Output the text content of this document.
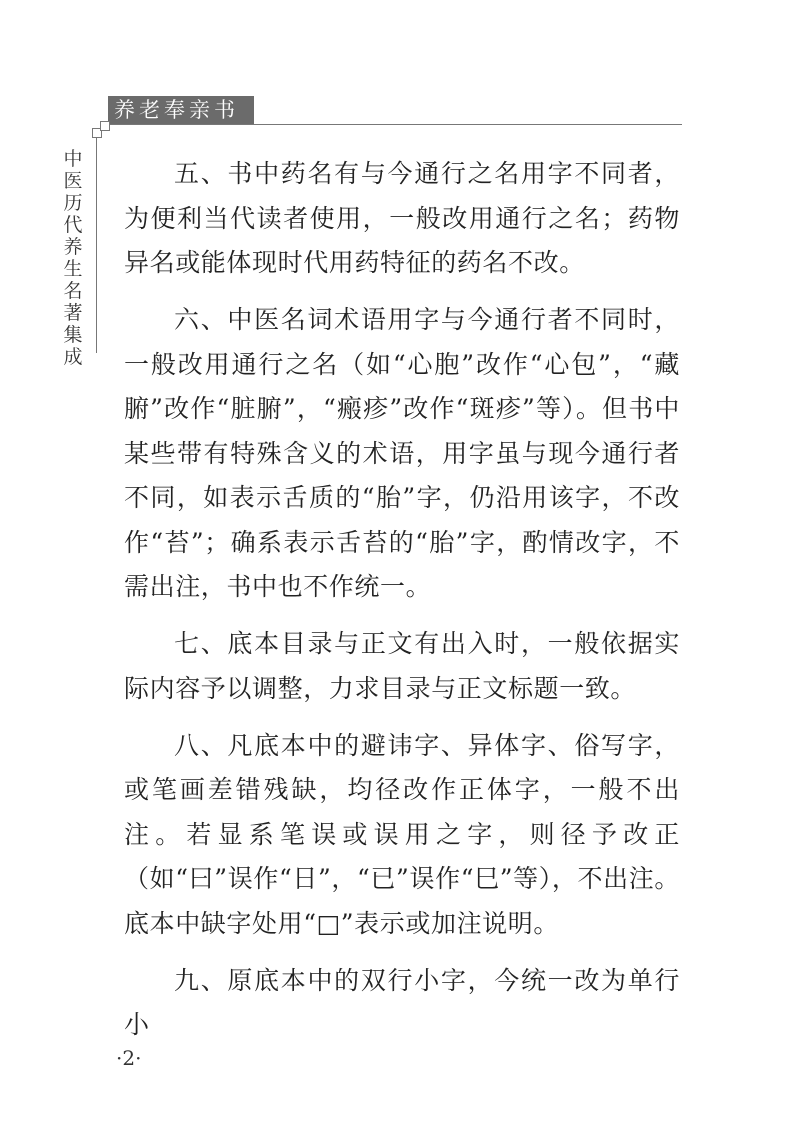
养老奉亲书
中医历代养生名著集成

五、书中药名有与今通行之名用字不同者，为便利当代读者使用，一般改用通行之名；药物异名或能体现时代用药特征的药名不改。

六、中医名词术语用字与今通行者不同时，一般改用通行之名（如“心胞”改作“心包”，“藏腑”改作“脏腑”，“瘢疹”改作“斑疹”等）。但书中某些带有特殊含义的术语，用字虽与现今通行者不同，如表示舌质的“胎”字，仍沿用该字，不改作“苔”；确系表示舌苔的“胎”字，酌情改字，不需出注，书中也不作统一。

七、底本目录与正文有出入时，一般依据实际内容予以调整，力求目录与正文标题一致。

八、凡底本中的避讳字、异体字、俗写字，或笔画差错残缺，均径改作正体字，一般不出注。若显系笔误或误用之字，则径予改正（如“曰”误作“日”，“已”误作“巳”等），不出注。底本中缺字处用“□”表示或加注说明。

九、原底本中的双行小字，今统一改为单行小

·2·
